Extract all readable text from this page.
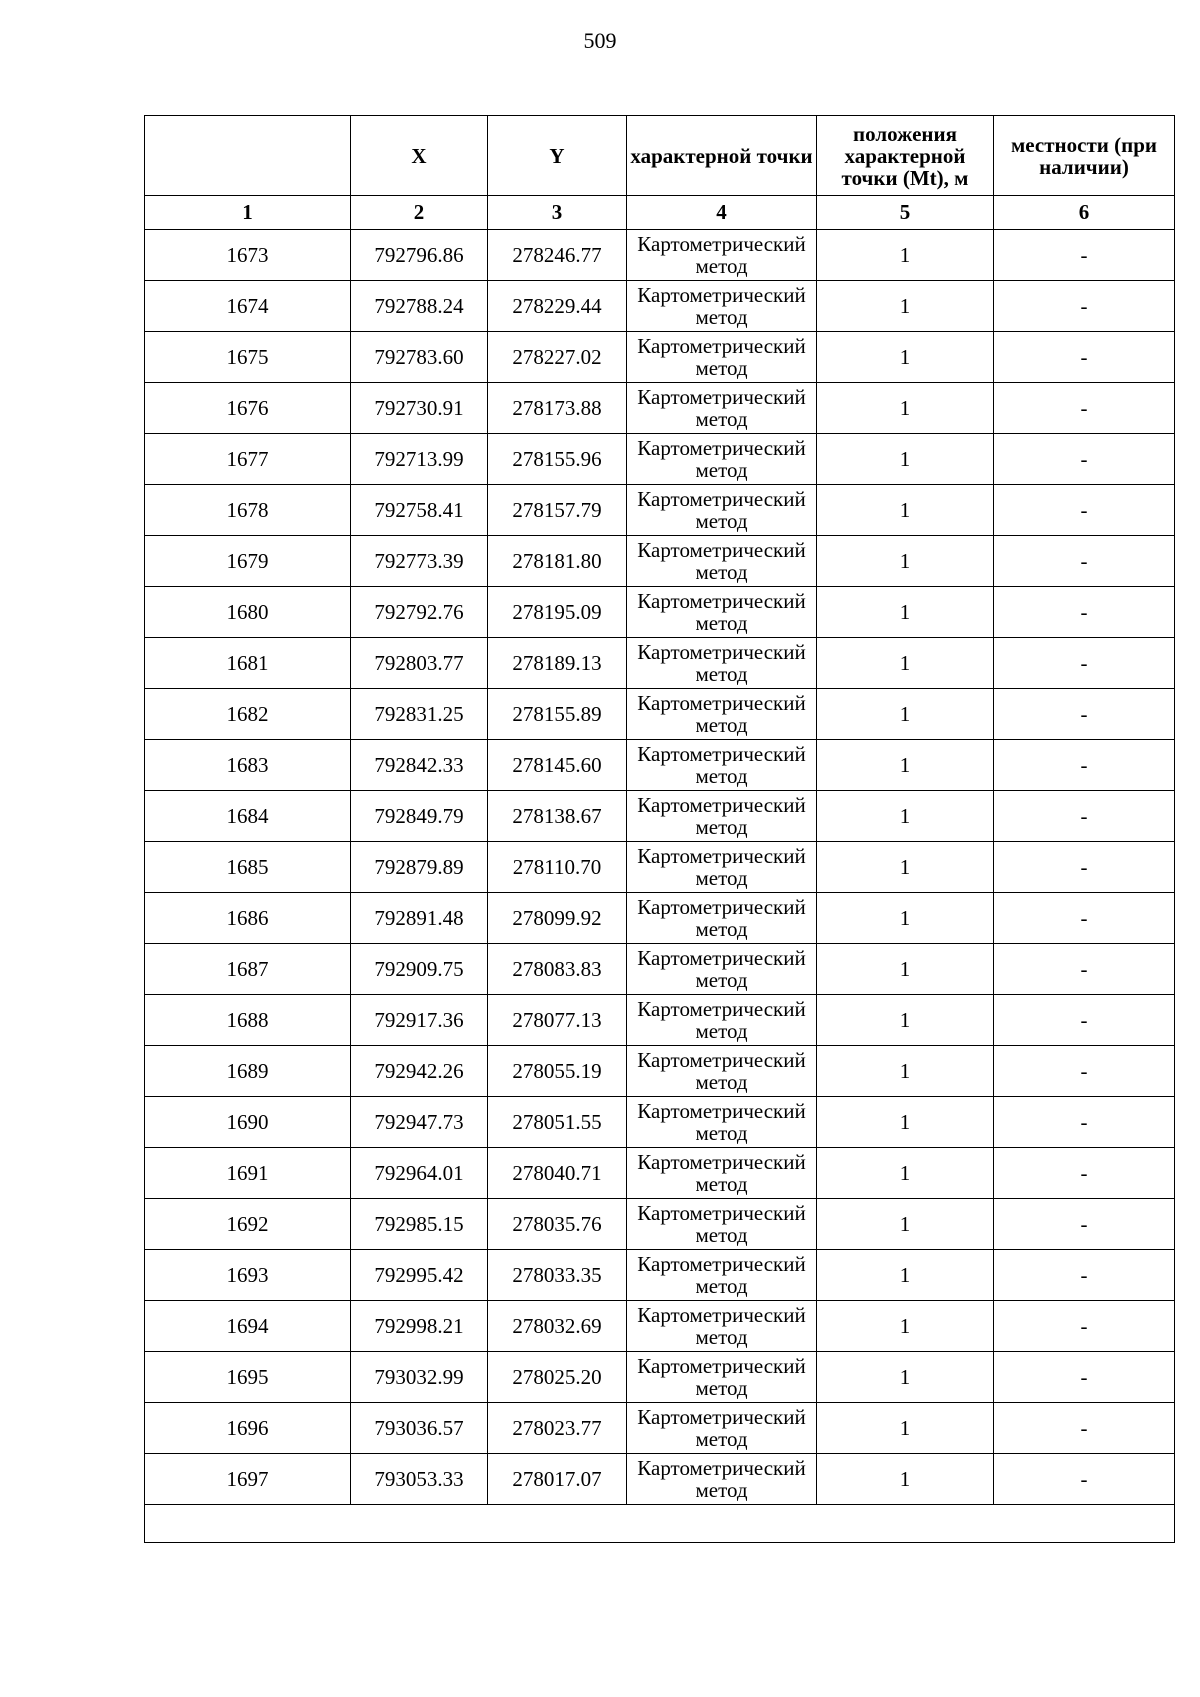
509
	X	Y	характерной точки	положения характерной точки (Mt), м	местности (при наличии)
1	2	3	4	5	6
1673	792796.86	278246.77	Картометрический метод	1	-
1674	792788.24	278229.44	Картометрический метод	1	-
1675	792783.60	278227.02	Картометрический метод	1	-
1676	792730.91	278173.88	Картометрический метод	1	-
1677	792713.99	278155.96	Картометрический метод	1	-
1678	792758.41	278157.79	Картометрический метод	1	-
1679	792773.39	278181.80	Картометрический метод	1	-
1680	792792.76	278195.09	Картометрический метод	1	-
1681	792803.77	278189.13	Картометрический метод	1	-
1682	792831.25	278155.89	Картометрический метод	1	-
1683	792842.33	278145.60	Картометрический метод	1	-
1684	792849.79	278138.67	Картометрический метод	1	-
1685	792879.89	278110.70	Картометрический метод	1	-
1686	792891.48	278099.92	Картометрический метод	1	-
1687	792909.75	278083.83	Картометрический метод	1	-
1688	792917.36	278077.13	Картометрический метод	1	-
1689	792942.26	278055.19	Картометрический метод	1	-
1690	792947.73	278051.55	Картометрический метод	1	-
1691	792964.01	278040.71	Картометрический метод	1	-
1692	792985.15	278035.76	Картометрический метод	1	-
1693	792995.42	278033.35	Картометрический метод	1	-
1694	792998.21	278032.69	Картометрический метод	1	-
1695	793032.99	278025.20	Картометрический метод	1	-
1696	793036.57	278023.77	Картометрический метод	1	-
1697	793053.33	278017.07	Картометрический метод	1	-
